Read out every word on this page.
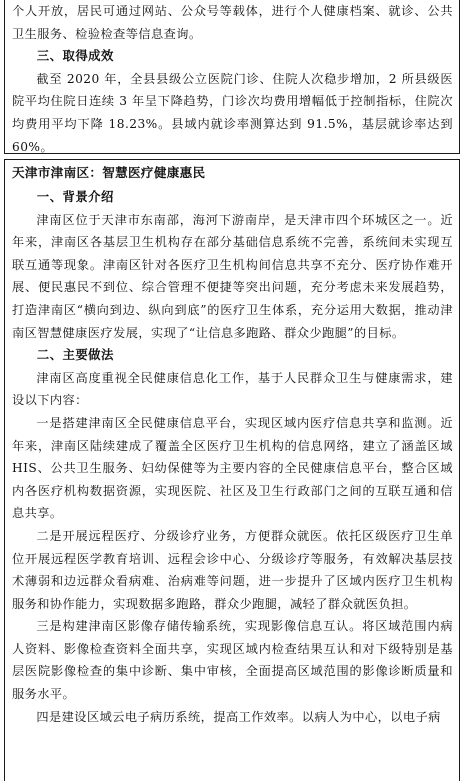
个人开放，居民可通过网站、公众号等载体，进行个人健康档案、就诊、公共卫生服务、检验检查等信息查询。

三、取得成效

截至 2020 年，全县县级公立医院门诊、住院人次稳步增加，2 所县级医院平均住院日连续 3 年呈下降趋势，门诊次均费用增幅低于控制指标，住院次均费用平均下降 18.23%。县域内就诊率测算达到 91.5%，基层就诊率达到 60%。

天津市津南区：智慧医疗健康惠民

一、背景介绍

津南区位于天津市东南部，海河下游南岸，是天津市四个环城区之一。近年来，津南区各基层卫生机构存在部分基础信息系统不完善，系统间未实现互联互通等现象。津南区针对各医疗卫生机构间信息共享不充分、医疗协作难开展、便民惠民不到位、综合管理不便捷等突出问题，充分考虑未来发展趋势，打造津南区“横向到边、纵向到底”的医疗卫生体系，充分运用大数据，推动津南区智慧健康医疗发展，实现了“让信息多跑路、群众少跑腿”的目标。

二、主要做法

津南区高度重视全民健康信息化工作，基于人民群众卫生与健康需求，建设以下内容：

一是搭建津南区全民健康信息平台，实现区域内医疗信息共享和监测。近年来，津南区陆续建成了覆盖全区医疗卫生机构的信息网络，建立了涵盖区域 HIS、公共卫生服务、妇幼保健等为主要内容的全民健康信息平台，整合区域内各医疗机构数据资源，实现医院、社区及卫生行政部门之间的互联互通和信息共享。

二是开展远程医疗、分级诊疗业务，方便群众就医。依托区级医疗卫生单位开展远程医学教育培训、远程会诊中心、分级诊疗等服务，有效解决基层技术薄弱和边远群众看病难、治病难等问题，进一步提升了区域内医疗卫生机构服务和协作能力，实现数据多跑路，群众少跑腿，减轻了群众就医负担。

三是构建津南区影像存储传输系统，实现影像信息互认。将区域范围内病人资料、影像检查资料全面共享，实现区域内检查结果互认和对下级特别是基层医院影像检查的集中诊断、集中审核，全面提高区域范围的影像诊断质量和服务水平。

四是建设区域云电子病历系统，提高工作效率。以病人为中心，以电子病
